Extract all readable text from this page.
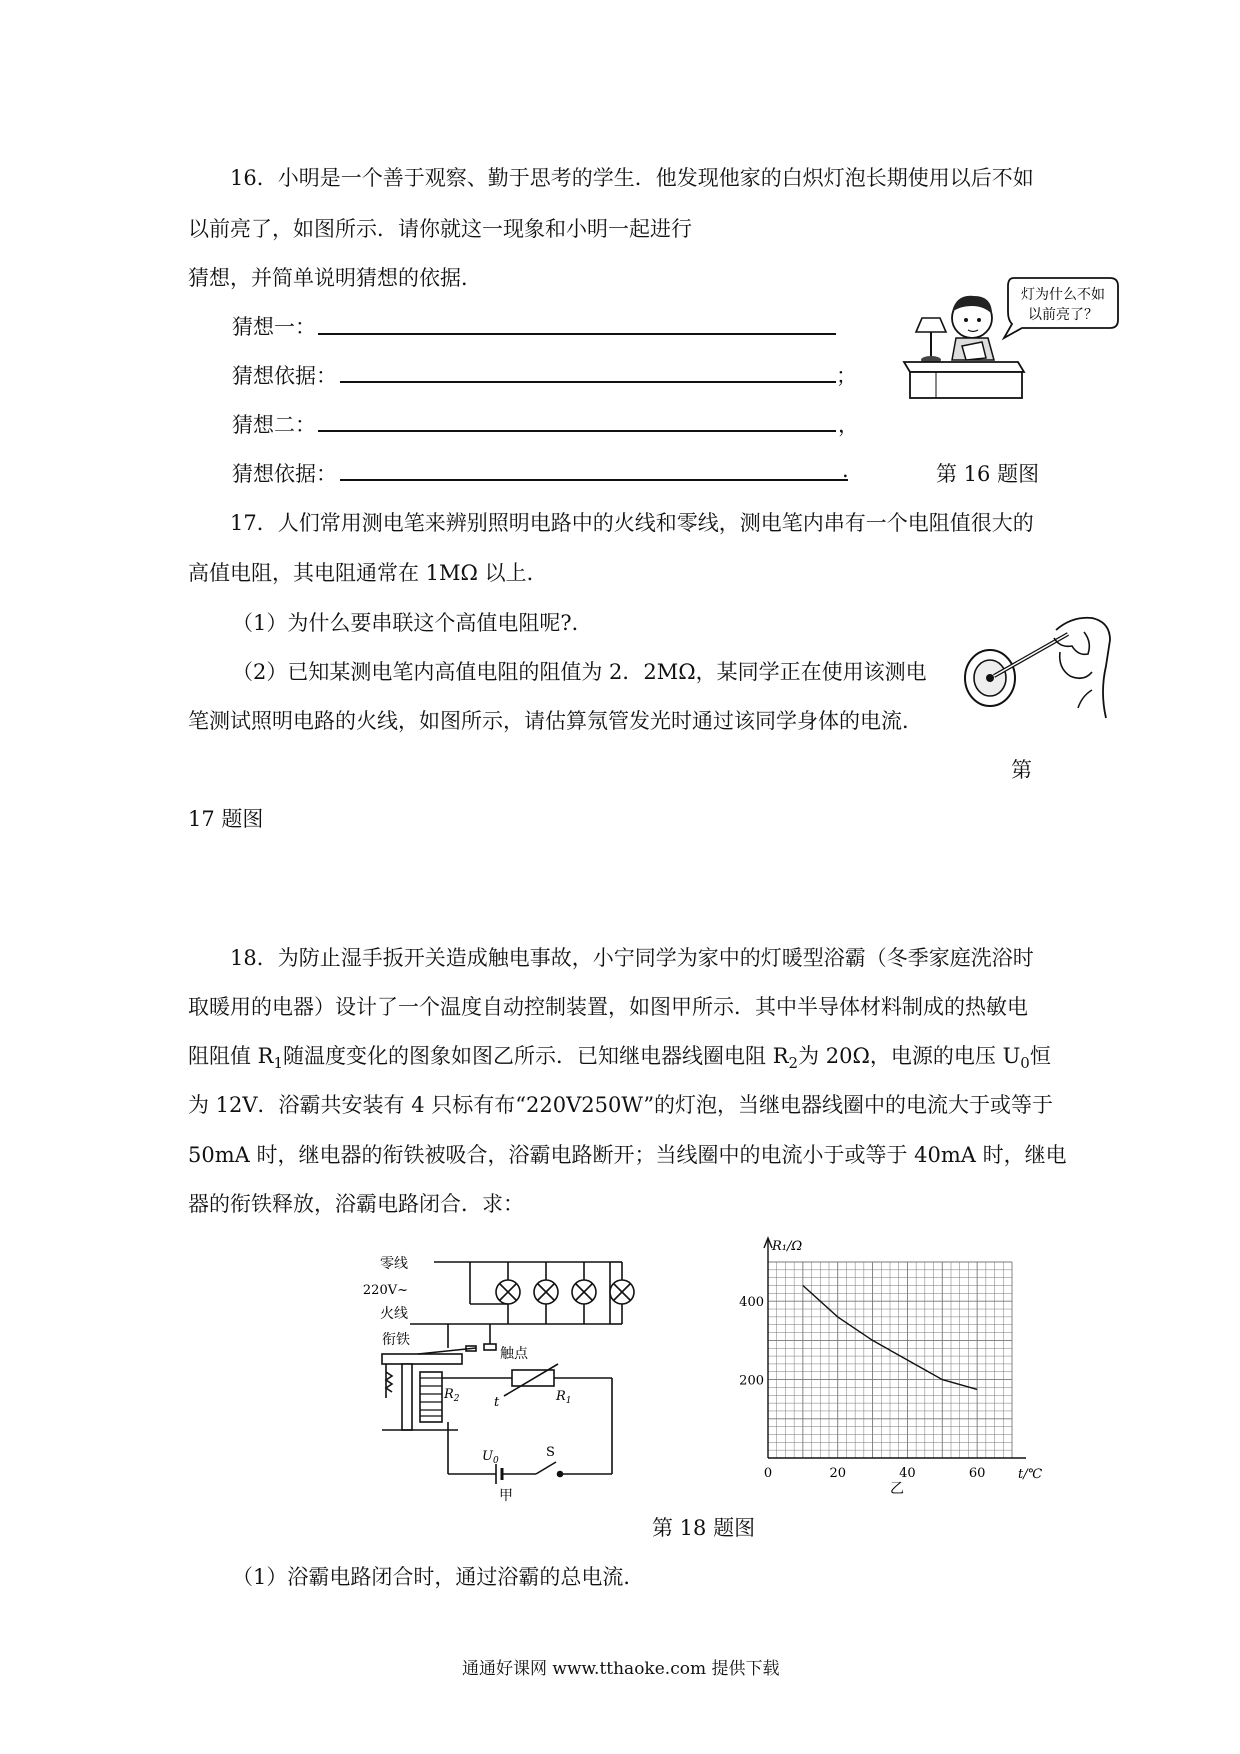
16．小明是一个善于观察、勤于思考的学生．他发现他家的白炽灯泡长期使用以后不如
以前亮了，如图所示．请你就这一现象和小明一起进行
猜想，并简单说明猜想的依据．
猜想一：
猜想依据：	；
猜想二：	，
猜想依据：	.	第 16 题图
灯为什么不如
以前亮了？
17．人们常用测电笔来辨别照明电路中的火线和零线，测电笔内串有一个电阻值很大的
高值电阻，其电阻通常在 1MΩ 以上．
（1）为什么要串联这个高值电阻呢?．
（2）已知某测电笔内高值电阻的阻值为 2．2MΩ，某同学正在使用该测电
笔测试照明电路的火线，如图所示，请估算氖管发光时通过该同学身体的电流．
第
17 题图
18．为防止湿手扳开关造成触电事故，小宁同学为家中的灯暖型浴霸（冬季家庭洗浴时
取暖用的电器）设计了一个温度自动控制装置，如图甲所示．其中半导体材料制成的热敏电
阻阻值 $R_1$随温度变化的图象如图乙所示．已知继电器线圈电阻 $R_2$为 20Ω，电源的电压 $U_0$恒
为 12V．浴霸共安装有 4 只标有布“220V250W”的灯泡，当继电器线圈中的电流大于或等于
50mA 时，继电器的衔铁被吸合，浴霸电路断开；当线圈中的电流小于或等于 40mA 时，继电
器的衔铁释放，浴霸电路闭合．求：
零线
220V~
火线
衔铁
触点
$R_1$
t
$R_2$
$U_0$
S
甲
0	20	40	60
200
400
R₁/Ω
t/℃
乙
第 18 题图
（1）浴霸电路闭合时，通过浴霸的总电流．
通通好课网 www.tthaoke.com 提供下载
